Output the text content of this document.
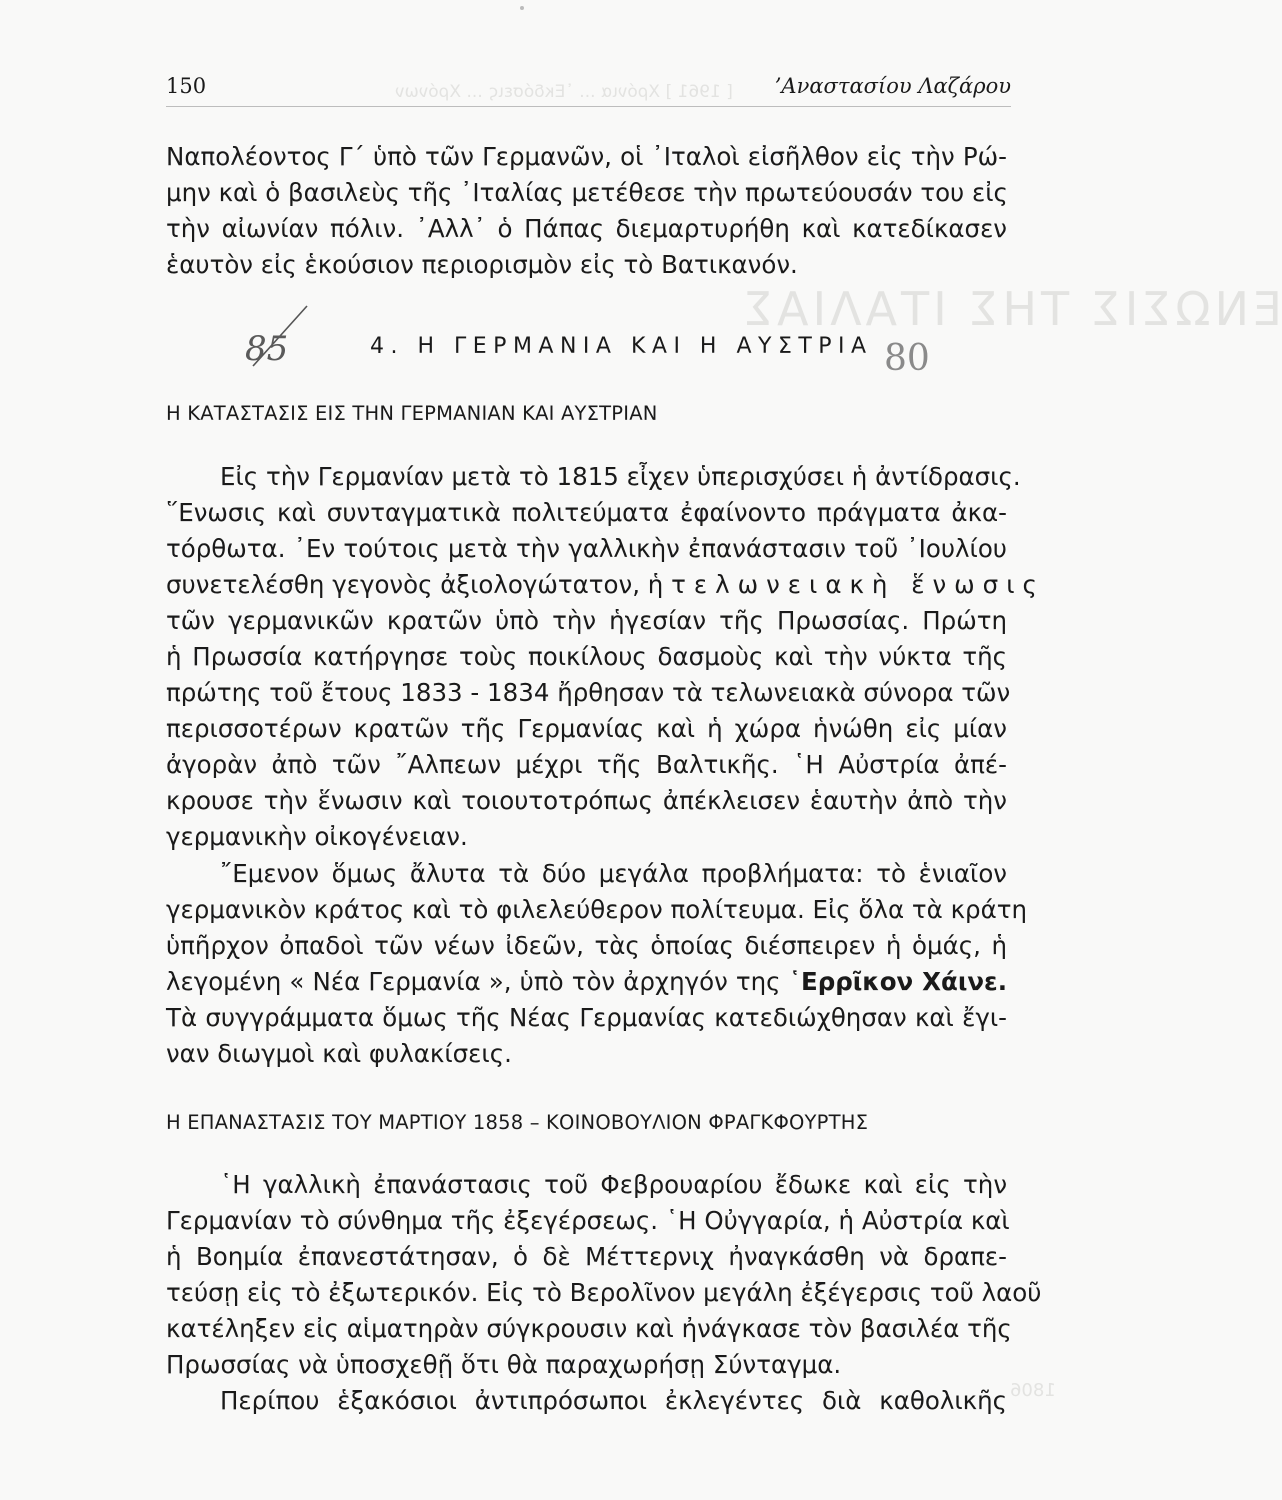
[ 1961 ] Χρόνια ... ῾Εκδόσεις ... Χρόνων
ΕΝΩΣΙΣ ΤΗΣ ΙΤΑΛΙΑΣ
1806
150	’Αναστασίου Λαζάρου
Ναπολέοντος Γ΄ ὑπὸ τῶν Γερμανῶν, οἱ ᾿Ιταλοὶ εἰσῆλθον εἰς τὴν Ρώ-
μην καὶ ὁ βασιλεὺς τῆς ᾿Ιταλίας μετέθεσε τὴν πρωτεύουσάν του εἰς
τὴν αἰωνίαν πόλιν. ᾿Αλλ᾿ ὁ Πάπας διεμαρτυρήθη καὶ κατεδίκασεν
ἑαυτὸν εἰς ἑκούσιον περιορισμὸν εἰς τὸ Βατικανόν.
85	80
4. Η ΓΕΡΜΑΝΙΑ ΚΑΙ Η ΑΥΣΤΡΙΑ
Η ΚΑΤΑΣΤΑΣΙΣ ΕΙΣ ΤΗΝ ΓΕΡΜΑΝΙΑΝ ΚΑΙ ΑΥΣΤΡΙΑΝ
Εἰς τὴν Γερμανίαν μετὰ τὸ 1815 εἶχεν ὑπερισχύσει ἡ ἀντίδρασις.
῞Ενωσις καὶ συνταγματικὰ πολιτεύματα ἐφαίνοντο πράγματα ἀκα-
τόρθωτα. ᾿Εν τούτοις μετὰ τὴν γαλλικὴν ἐπανάστασιν τοῦ ᾿Ιουλίου
συνετελέσθη γεγονὸς ἀξιολογώτατον, ἡ τελωνειακὴ ἕνωσις
τῶν γερμανικῶν κρατῶν ὑπὸ τὴν ἡγεσίαν τῆς Πρωσσίας. Πρώτη
ἡ Πρωσσία κατήργησε τοὺς ποικίλους δασμοὺς καὶ τὴν νύκτα τῆς
πρώτης τοῦ ἔτους 1833 - 1834 ἤρθησαν τὰ τελωνειακὰ σύνορα τῶν
περισσοτέρων κρατῶν τῆς Γερμανίας καὶ ἡ χώρα ἡνώθη εἰς μίαν
ἀγορὰν ἀπὸ τῶν ῎Αλπεων μέχρι τῆς Βαλτικῆς. ῾Η Αὐστρία ἀπέ-
κρουσε τὴν ἕνωσιν καὶ τοιουτοτρόπως ἀπέκλεισεν ἑαυτὴν ἀπὸ τὴν
γερμανικὴν οἰκογένειαν.
῎Εμενον ὅμως ἄλυτα τὰ δύο μεγάλα προβλήματα: τὸ ἑνιαῖον
γερμανικὸν κράτος καὶ τὸ φιλελεύθερον πολίτευμα. Εἰς ὅλα τὰ κράτη
ὑπῆρχον ὀπαδοὶ τῶν νέων ἰδεῶν, τὰς ὁποίας διέσπειρεν ἡ ὁμάς, ἡ
λεγομένη « Νέα Γερμανία », ὑπὸ τὸν ἀρχηγόν της ῾Ερρῖκον Χάινε.
Τὰ συγγράμματα ὅμως τῆς Νέας Γερμανίας κατεδιώχθησαν καὶ ἔγι-
ναν διωγμοὶ καὶ φυλακίσεις.
Η ΕΠΑΝΑΣΤΑΣΙΣ ΤΟΥ ΜΑΡΤΙΟΥ 1858 – ΚΟΙΝΟΒΟΥΛΙΟΝ ΦΡΑΓΚΦΟΥΡΤΗΣ
῾Η γαλλικὴ ἐπανάστασις τοῦ Φεβρουαρίου ἔδωκε καὶ εἰς τὴν
Γερμανίαν τὸ σύνθημα τῆς ἐξεγέρσεως. ῾Η Οὐγγαρία, ἡ Αὐστρία καὶ
ἡ Βοημία ἐπανεστάτησαν, ὁ δὲ Μέττερνιχ ἠναγκάσθη νὰ δραπε-
τεύσῃ εἰς τὸ ἐξωτερικόν. Εἰς τὸ Βερολῖνον μεγάλη ἐξέγερσις τοῦ λαοῦ
κατέληξεν εἰς αἱματηρὰν σύγκρουσιν καὶ ἠνάγκασε τὸν βασιλέα τῆς
Πρωσσίας νὰ ὑποσχεθῇ ὅτι θὰ παραχωρήσῃ Σύνταγμα.
Περίπου ἑξακόσιοι ἀντιπρόσωποι ἐκλεγέντες διὰ καθολικῆς
